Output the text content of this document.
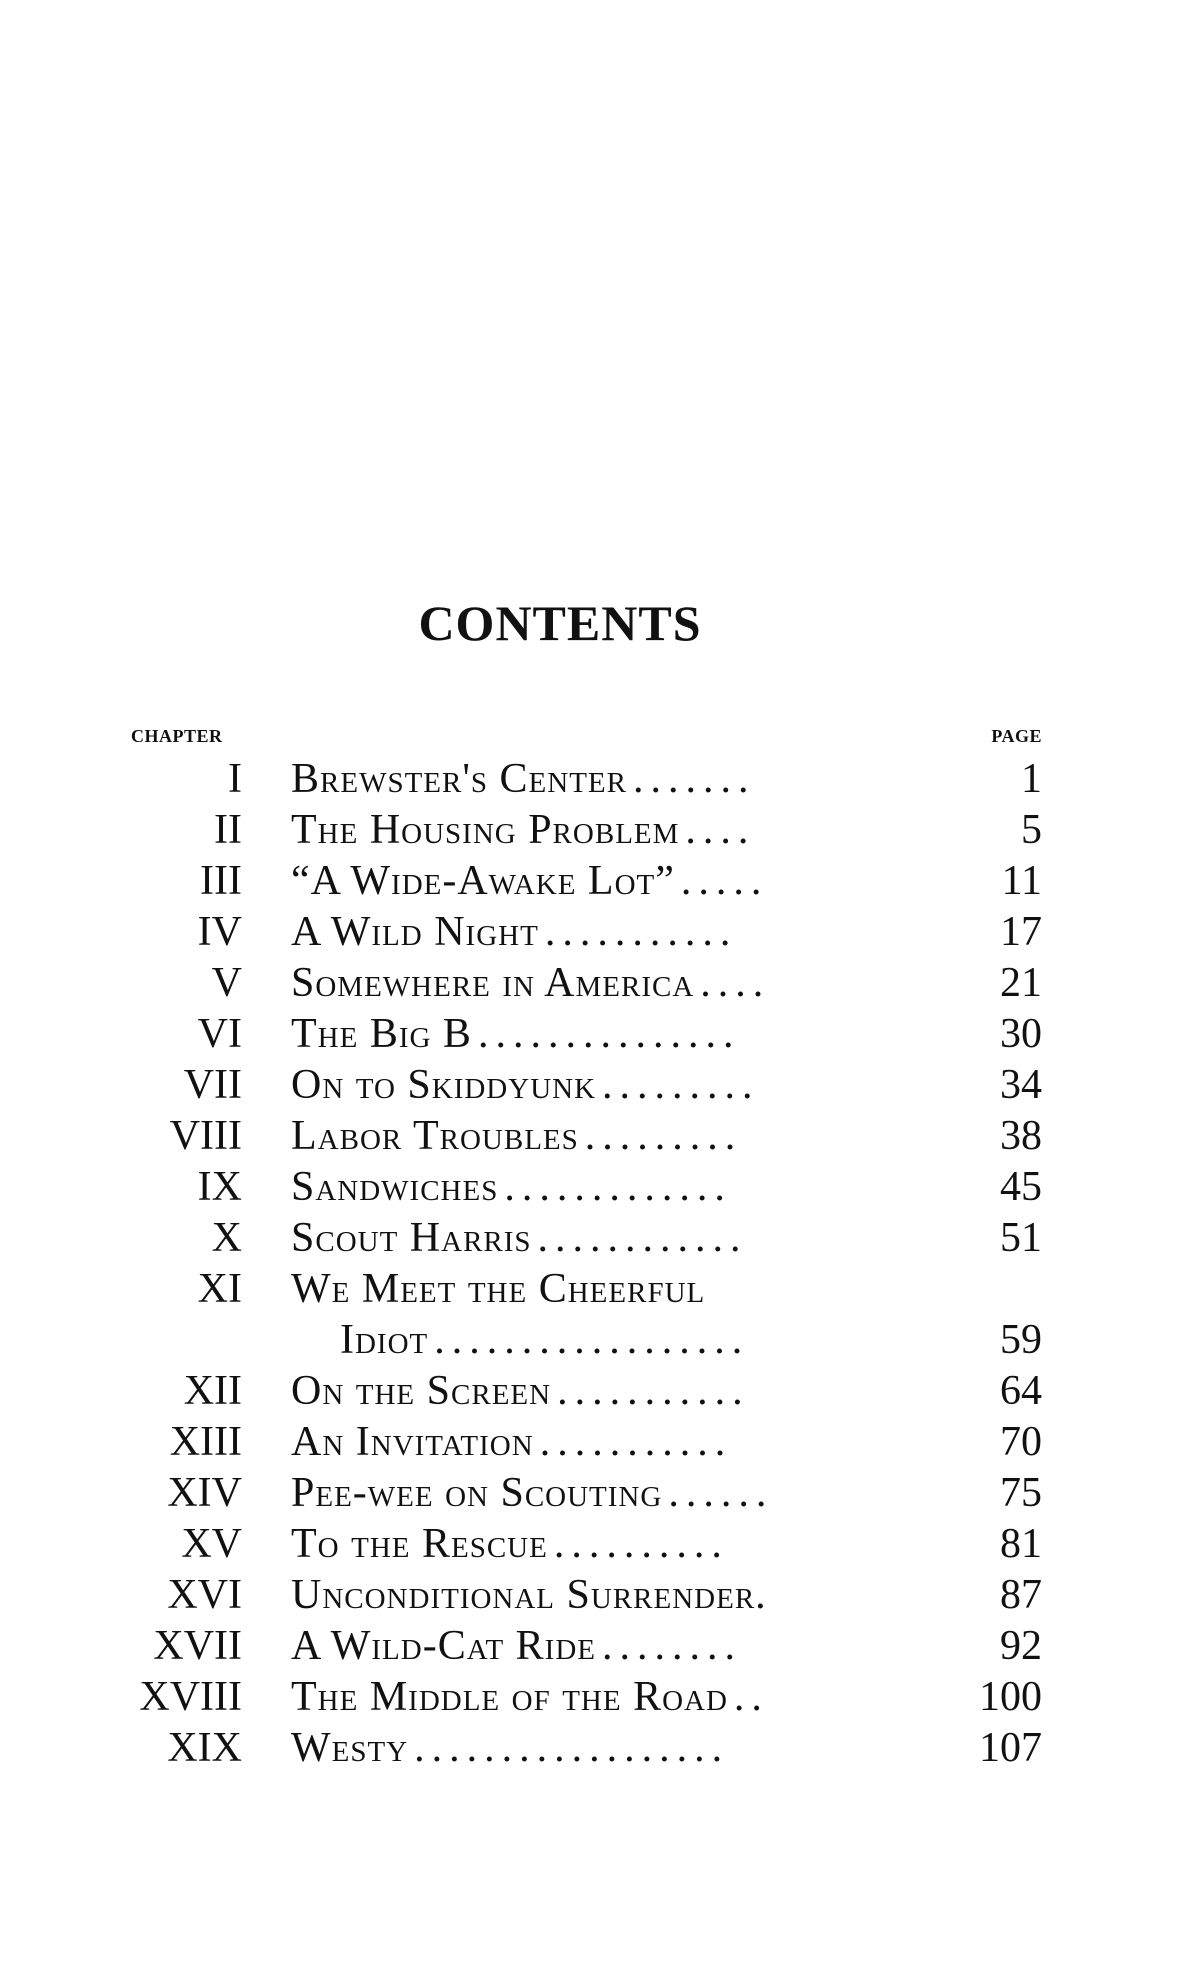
CONTENTS
CHAPTER	PAGE
I Brewster's Center .......	1
II The Housing Problem ....	5
III “A Wide-Awake Lot” .....	11
IV A Wild Night ...........	17
V Somewhere in America ....	21
VI The Big B ...............	30
VII On to Skiddyunk .........	34
VIII Labor Troubles .........	38
IX Sandwiches .............	45
X Scout Harris ............	51
XI We Meet the Cheerful
Idiot ..................	59
XII On the Screen ...........	64
XIII An Invitation ...........	70
XIV Pee-wee on Scouting ......	75
XV To the Rescue ..........	81
XVI Unconditional Surrender.	87
XVII A Wild-Cat Ride ........	92
XVIII The Middle of the Road ..	100
XIX Westy ..................	107
